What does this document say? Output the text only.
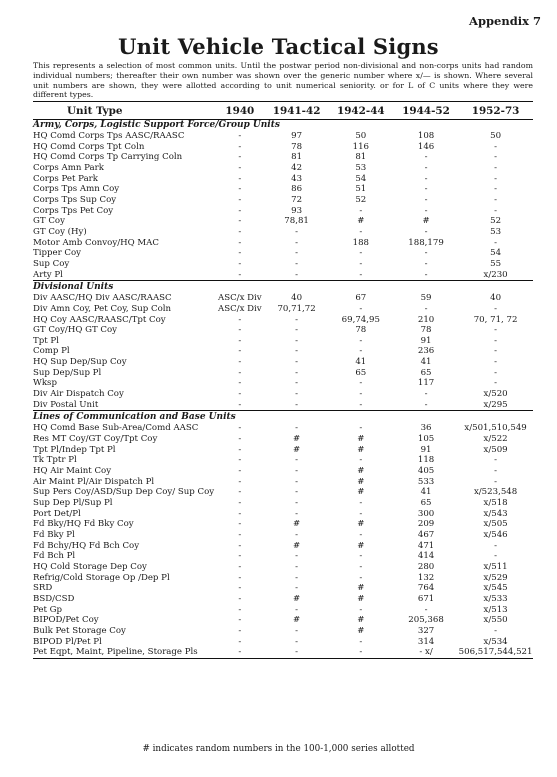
Appendix 7
Unit Vehicle Tactical Signs
This represents a selection of most common units. Until the postwar period non-divisional and non-corps units had random individual numbers; thereafter their own number was shown over the generic number where x/— is shown. Where several unit numbers are shown, they were allotted according to unit numerical seniority. or for L of C units where they were different types.
Unit Type	1940	1941-42	1942-44	1944-52	1952-73
Army, Corps, Logistic Support Force/Group Units					
HQ Comd Corps Tps AASC/RAASC	-	97	50	108	50
HQ Comd Corps Tpt Coln	-	78	116	146	-
HQ Comd Corps Tp Carrying Coln	-	81	81	-	-
Corps Amn Park	-	42	53	-	-
Corps Pet Park	-	43	54	-	-
Corps Tps Amn Coy	-	86	51	-	-
Corps Tps Sup Coy	-	72	52	-	-
Corps Tps Pet Coy	-	93	-	-	-
GT Coy	-	78,81	#	#	52
GT Coy (Hy)	-	-	-	-	53
Motor Amb Convoy/HQ MAC	-	-	188	188,179	-
Tipper Coy	-	-	-	-	54
Sup Coy	-	-	-	-	55
Arty Pl	-	-	-	-	x/230
Divisional Units					
Div AASC/HQ Div AASC/RAASC	ASC/x Div	40	67	59	40
Div Amn Coy, Pet Coy, Sup Coln	ASC/x Div	70,71,72	-	-	-
HQ Coy AASC/RAASC/Tpt Coy	-	-	69,74,95	210	70, 71, 72
GT Coy/HQ GT Coy	-	-	78	78	-
Tpt Pl	-	-	-	91	-
Comp Pl	-	-	-	236	-
HQ Sup Dep/Sup Coy	-	-	41	41	-
Sup Dep/Sup Pl	-	-	65	65	-
Wksp	-	-	-	117	-
Div Air Dispatch Coy	-	-	-	-	x/520
Div Postal Unit	-	-	-	-	x/295
Lines of Communication and Base Units					
HQ Comd Base Sub-Area/Comd AASC	-	-	-	36	x/501,510,549
Res MT Coy/GT Coy/Tpt Coy	-	#	#	105	x/522
Tpt Pl/Indep Tpt Pl	-	#	#	91	x/509
Tk Tptr Pl	-	-	-	118	-
HQ Air Maint Coy	-	-	#	405	-
Air Maint Pl/Air Dispatch Pl	-	-	#	533	-
Sup Pers Coy/ASD/Sup Dep Coy/ Sup Coy	-	-	#	41	x/523,548
Sup Dep Pl/Sup Pl	-	-	-	65	x/518
Port Det/Pl	-	-	-	300	x/543
Fd Bky/HQ Fd Bky Coy	-	#	#	209	x/505
Fd Bky Pl	-	-	-	467	x/546
Fd Bchy/HQ Fd Bch Coy	-	#	#	471	-
Fd Bch Pl	-	-	-	414	-
HQ Cold Storage Dep Coy	-	-	-	280	x/511
Refrig/Cold Storage Op /Dep Pl	-	-	-	132	x/529
SRD	-	-	#	764	x/545
BSD/CSD	-	#	#	671	x/533
Pet Gp	-	-	-	-	x/513
BIPOD/Pet Coy	-	#	#	205,368	x/550
Bulk Pet Storage Coy	-	-	#	327	-
BIPOD Pl/Pet Pl	-	-	-	314	x/534
Pet Eqpt, Maint, Pipeline, Storage Pls	-	-	-	- x/	506,517,544,521
# indicates random numbers in the 100-1,000 series allotted
